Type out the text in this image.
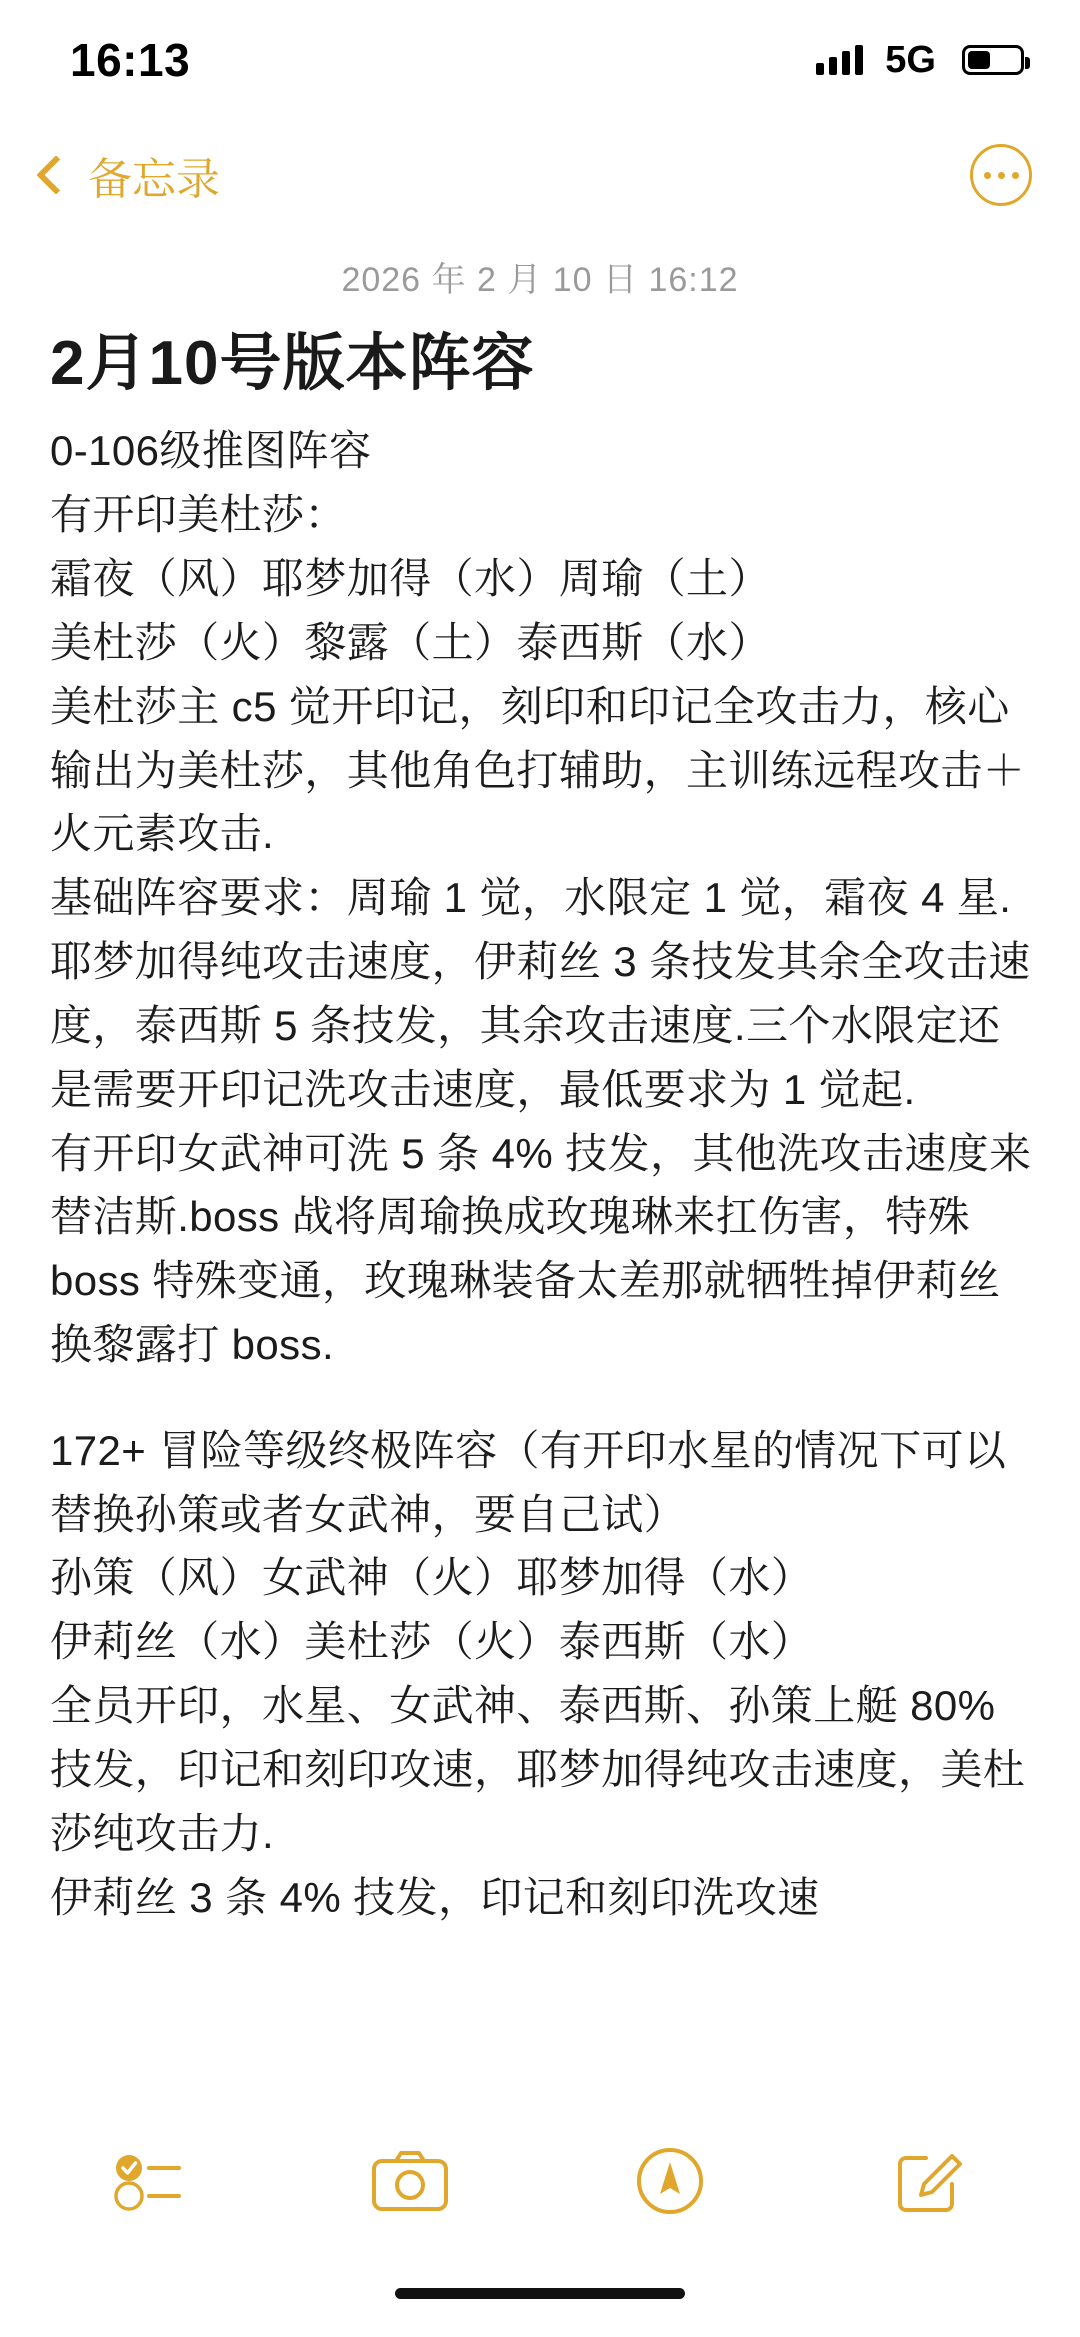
16:13	5G
备忘录
2026 年 2 月 10 日 16:12
2月10号版本阵容

0-106级推图阵容

有开印美杜莎：

霜夜（风）耶梦加得（水）周瑜（土）

美杜莎（火）黎露（土）泰西斯（水）

美杜莎主 c5 觉开印记，刻印和印记全攻击力，核心输出为美杜莎，其他角色打辅助，主训练远程攻击＋火元素攻击.

基础阵容要求：周瑜 1 觉，水限定 1 觉，霜夜 4 星.耶梦加得纯攻击速度，伊莉丝 3 条技发其余全攻击速度，泰西斯 5 条技发，其余攻击速度.三个水限定还是需要开印记洗攻击速度，最低要求为 1 觉起.

有开印女武神可洗 5 条 4% 技发，其他洗攻击速度来替洁斯.boss 战将周瑜换成玫瑰琳来扛伤害，特殊 boss 特殊变通，玫瑰琳装备太差那就牺牲掉伊莉丝换黎露打 boss.

172+ 冒险等级终极阵容（有开印水星的情况下可以替换孙策或者女武神，要自己试）

孙策（风）女武神（火）耶梦加得（水）

伊莉丝（水）美杜莎（火）泰西斯（水）

全员开印，水星、女武神、泰西斯、孙策上艇 80% 技发，印记和刻印攻速，耶梦加得纯攻击速度，美杜莎纯攻击力.

伊莉丝 3 条 4% 技发，印记和刻印洗攻速
